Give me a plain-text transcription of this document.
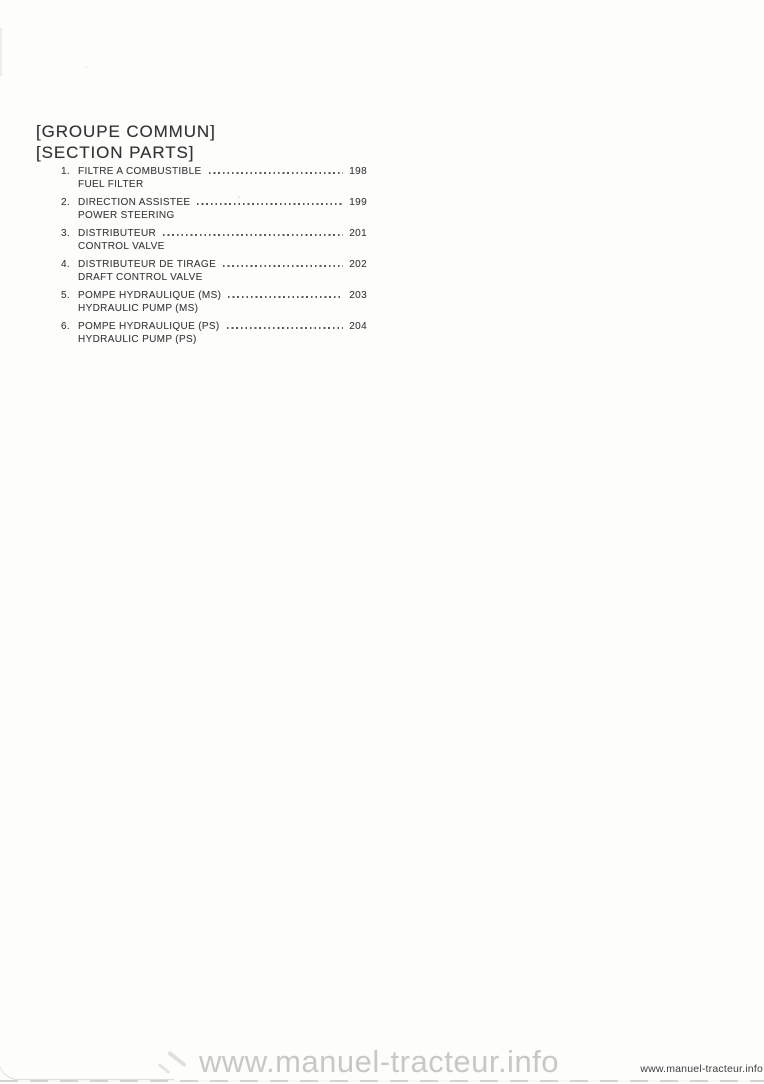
[GROUPE COMMUN]
[SECTION PARTS]
1. FILTRE A COMBUSTIBLE	198
FUEL FILTER
2. DIRECTION ASSISTEE	199
POWER STEERING
3. DISTRIBUTEUR	201
CONTROL VALVE
4. DISTRIBUTEUR DE TIRAGE	202
DRAFT CONTROL VALVE
5. POMPE HYDRAULIQUE (MS)	203
HYDRAULIC PUMP (MS)
6. POMPE HYDRAULIQUE (PS)	204
HYDRAULIC PUMP (PS)
www.manuel-tracteur.info	www.manuel-tracteur.info
